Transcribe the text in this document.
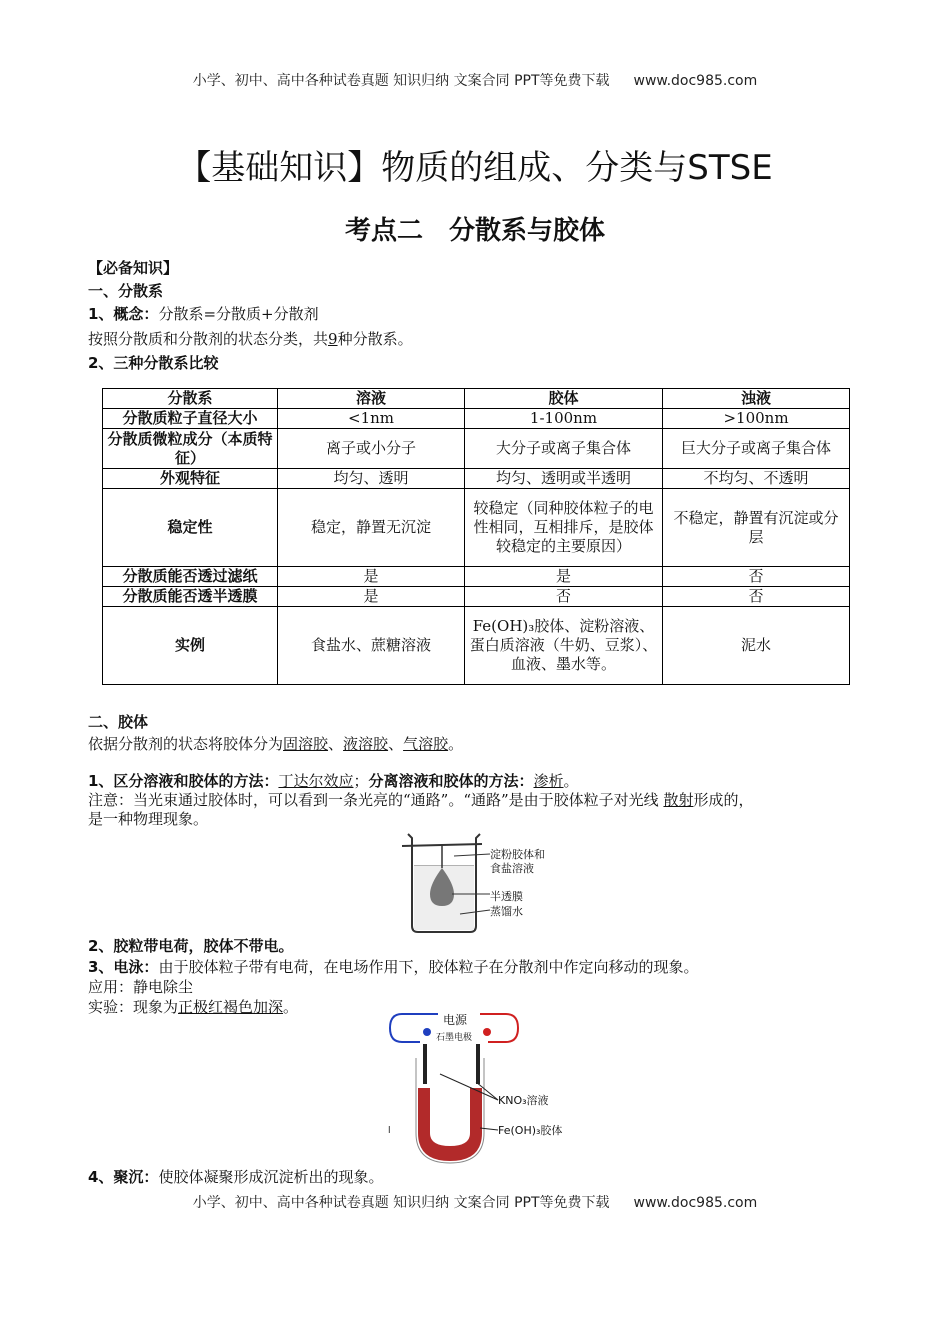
小学、初中、高中各种试卷真题 知识归纳 文案合同 PPT等免费下载 www.doc985.com
【基础知识】物质的组成、分类与STSE
考点二　分散系与胶体
【必备知识】
一、分散系
1、概念：分散系=分散质+分散剂
按照分散质和分散剂的状态分类，共9种分散系。
2、三种分散系比较
分散系	溶液	胶体	浊液
分散质粒子直径大小	<1nm	1-100nm	>100nm
分散质微粒成分（本质特征）	离子或小分子	大分子或离子集合体	巨大分子或离子集合体
外观特征	均匀、透明	均匀、透明或半透明	不均匀、不透明
稳定性	稳定，静置无沉淀	较稳定（同种胶体粒子的电性相同，互相排斥，是胶体较稳定的主要原因）	不稳定，静置有沉淀或分层
分散质能否透过滤纸	是	是	否
分散质能否透半透膜	是	否	否
实例	食盐水、蔗糖溶液	Fe(OH)₃胶体、淀粉溶液、蛋白质溶液（牛奶、豆浆）、血液、墨水等。	泥水
二、胶体
依据分散剂的状态将胶体分为固溶胶、液溶胶、气溶胶。
1、区分溶液和胶体的方法：丁达尔效应；分离溶液和胶体的方法：渗析。
注意：当光束通过胶体时，可以看到一条光亮的“通路”。“通路”是由于胶体粒子对光线 散射形成的，
是一种物理现象。
淀粉胶体和
食盐溶液
半透膜
蒸馏水
2、胶粒带电荷，胶体不带电。
3、电泳：由于胶体粒子带有电荷，在电场作用下，胶体粒子在分散剂中作定向移动的现象。
应用：静电除尘
实验：现象为正极红褐色加深。
电源
石墨电极
KNO₃溶液
Fe(OH)₃胶体
l
4、聚沉：使胶体凝聚形成沉淀析出的现象。
小学、初中、高中各种试卷真题 知识归纳 文案合同 PPT等免费下载 www.doc985.com
